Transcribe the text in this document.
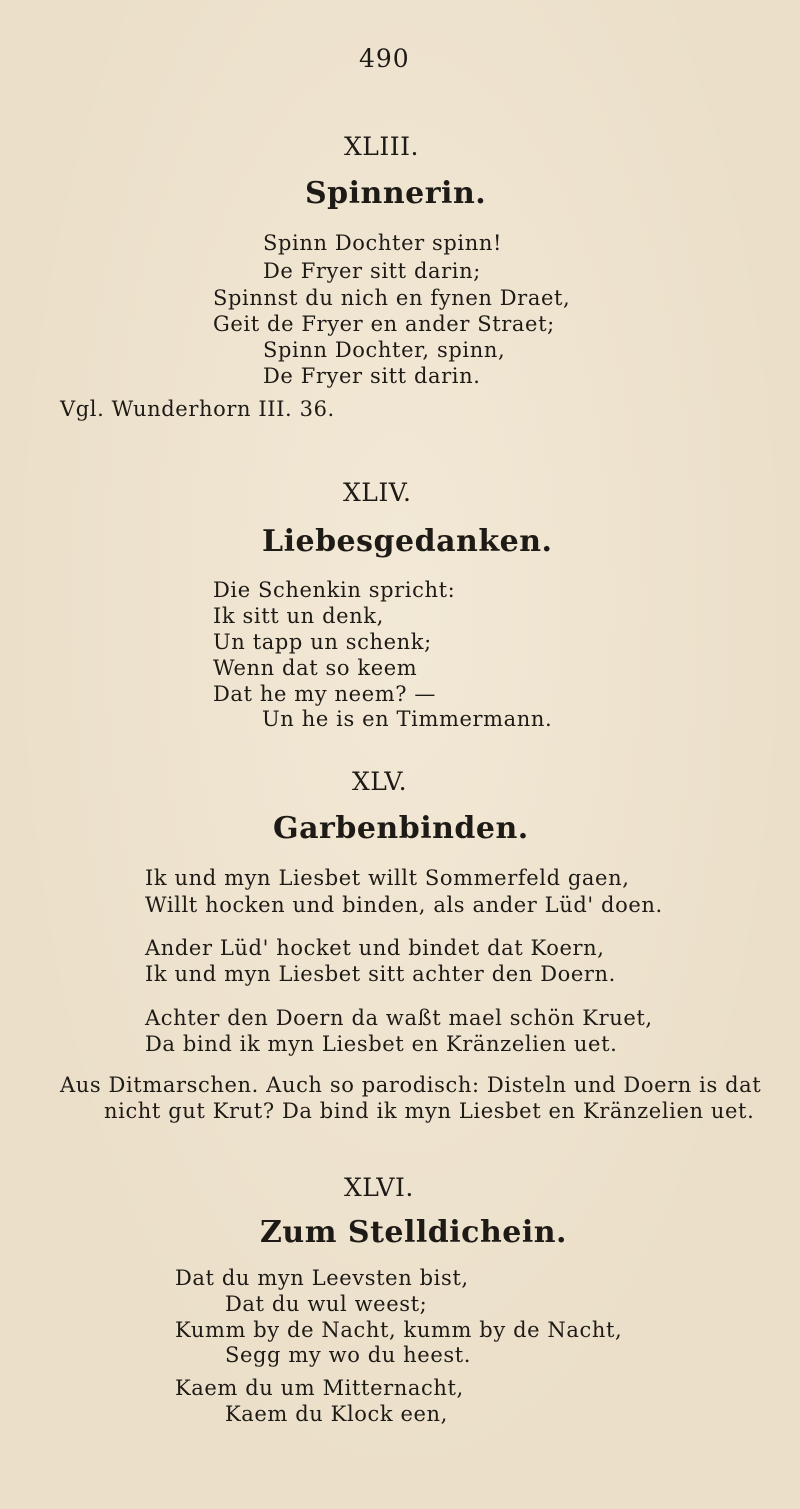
490
XLIII.
Spinnerin.
Spinn Dochter spinn!
De Fryer sitt darin;
Spinnst du nich en fynen Draet,
Geit de Fryer en ander Straet;
Spinn Dochter, spinn,
De Fryer sitt darin.
Vgl. Wunderhorn III. 36.
XLIV.
Liebesgedanken.
Die Schenkin spricht:
Ik sitt un denk,
Un tapp un schenk;
Wenn dat so keem
Dat he my neem? —
Un he is en Timmermann.
XLV.
Garbenbinden.
Ik und myn Liesbet willt Sommerfeld gaen,
Willt hocken und binden, als ander Lüd' doen.
Ander Lüd' hocket und bindet dat Koern,
Ik und myn Liesbet sitt achter den Doern.
Achter den Doern da waßt mael schön Kruet,
Da bind ik myn Liesbet en Kränzelien uet.
Aus Ditmarschen. Auch so parodisch: Disteln und Doern is dat
nicht gut Krut? Da bind ik myn Liesbet en Kränzelien uet.
XLVI.
Zum Stelldichein.
Dat du myn Leevsten bist,
Dat du wul weest;
Kumm by de Nacht, kumm by de Nacht,
Segg my wo du heest.
Kaem du um Mitternacht,
Kaem du Klock een,
